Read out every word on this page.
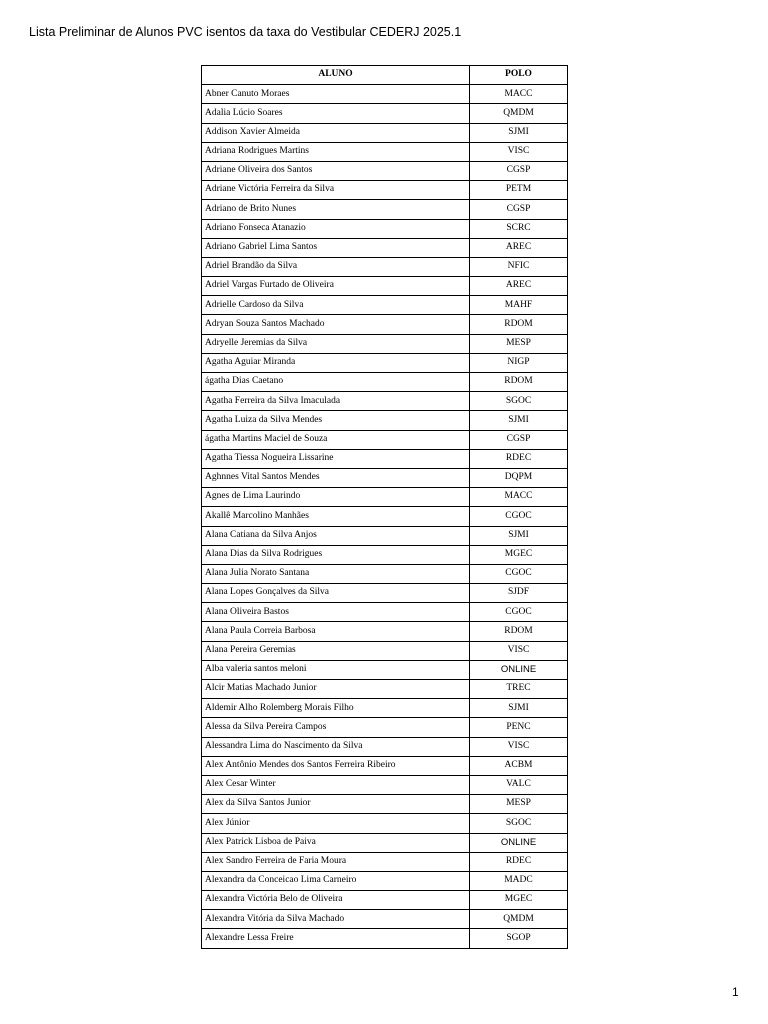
Lista Preliminar de Alunos PVC isentos da taxa do Vestibular CEDERJ 2025.1
ALUNO	POLO
Abner Canuto Moraes	MACC
Adalia Lúcio Soares	QMDM
Addison Xavier Almeida	SJMI
Adriana Rodrigues Martins	VISC
Adriane Oliveira dos Santos	CGSP
Adriane Victória Ferreira da Silva	PETM
Adriano de Brito Nunes	CGSP
Adriano Fonseca Atanazio	SCRC
Adriano Gabriel Lima Santos	AREC
Adriel Brandão da Silva	NFIC
Adriel Vargas Furtado de Oliveira	AREC
Adrielle Cardoso da Silva	MAHF
Adryan Souza Santos Machado	RDOM
Adryelle Jeremias da Silva	MESP
Agatha Aguiar Miranda	NIGP
ágatha Dias Caetano	RDOM
Agatha Ferreira da Silva Imaculada	SGOC
Agatha Luiza da Silva Mendes	SJMI
ágatha Martins Maciel de Souza	CGSP
Agatha Tiessa Nogueira Lissarine	RDEC
Aghnnes Vital Santos Mendes	DQPM
Agnes de Lima Laurindo	MACC
Akallê Marcolino Manhães	CGOC
Alana Catiana da Silva Anjos	SJMI
Alana Dias da Silva Rodrigues	MGEC
Alana Julia Norato Santana	CGOC
Alana Lopes Gonçalves da Silva	SJDF
Alana Oliveira Bastos	CGOC
Alana Paula Correia Barbosa	RDOM
Alana Pereira Geremias	VISC
Alba valeria santos meloni	ONLINE
Alcir Matias Machado Junior	TREC
Aldemir Alho Rolemberg Morais Filho	SJMI
Alessa da Silva Pereira Campos	PENC
Alessandra Lima do Nascimento da Silva	VISC
Alex Antônio Mendes dos Santos Ferreira Ribeiro	ACBM
Alex Cesar Winter	VALC
Alex da Silva Santos Junior	MESP
Alex Júnior	SGOC
Alex Patrick Lisboa de Paiva	ONLINE
Alex Sandro Ferreira de Faria Moura	RDEC
Alexandra da Conceicao Lima Carneiro	MADC
Alexandra Victória Belo de Oliveira	MGEC
Alexandra Vitória da Silva Machado	QMDM
Alexandre Lessa Freire	SGOP
1
